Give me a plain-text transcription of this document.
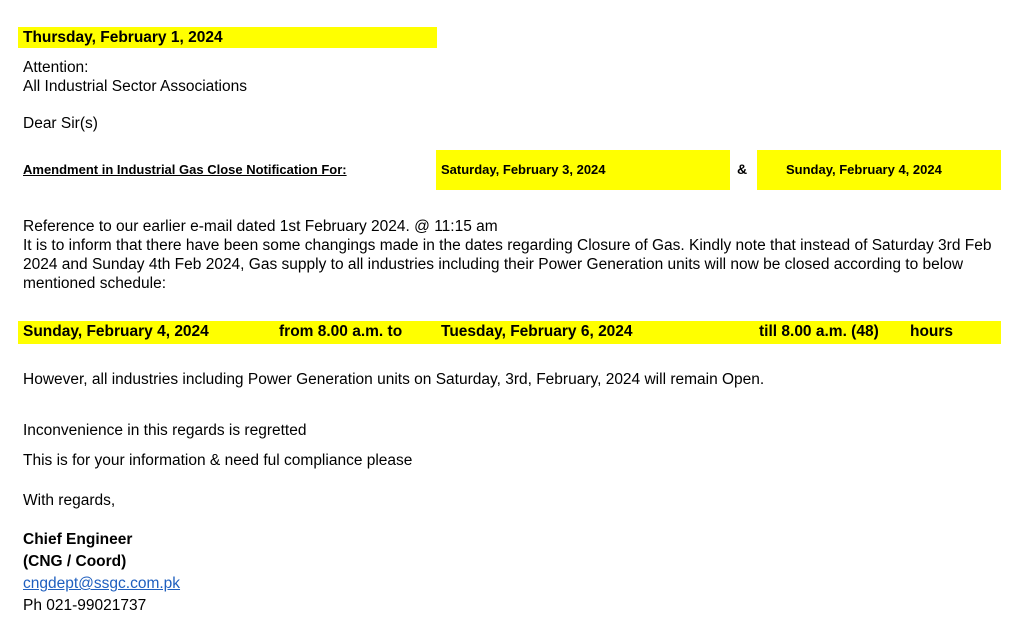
Thursday, February 1, 2024
Attention:
All Industrial Sector Associations
Dear Sir(s)
Amendment in Industrial Gas Close Notification For:	Saturday, February 3, 2024	&	Sunday, February 4, 2024
Reference to our earlier e-mail dated 1st February 2024. @ 11:15 am
It is to inform that there have been some changings made in the dates regarding Closure of Gas. Kindly note that instead of Saturday 3rd Feb 2024 and Sunday 4th Feb 2024, Gas supply to all industries including their Power Generation units will now be closed according to below mentioned schedule:
Sunday, February 4, 2024	from 8.00 a.m. to	Tuesday, February 6, 2024	till 8.00 a.m. (48) hours
However, all industries including Power Generation units on Saturday, 3rd, February, 2024 will remain Open.
Inconvenience in this regards is regretted
This is for your information & need ful compliance please
With regards,
Chief Engineer
(CNG / Coord)
cngdept@ssgc.com.pk
Ph 021-99021737
